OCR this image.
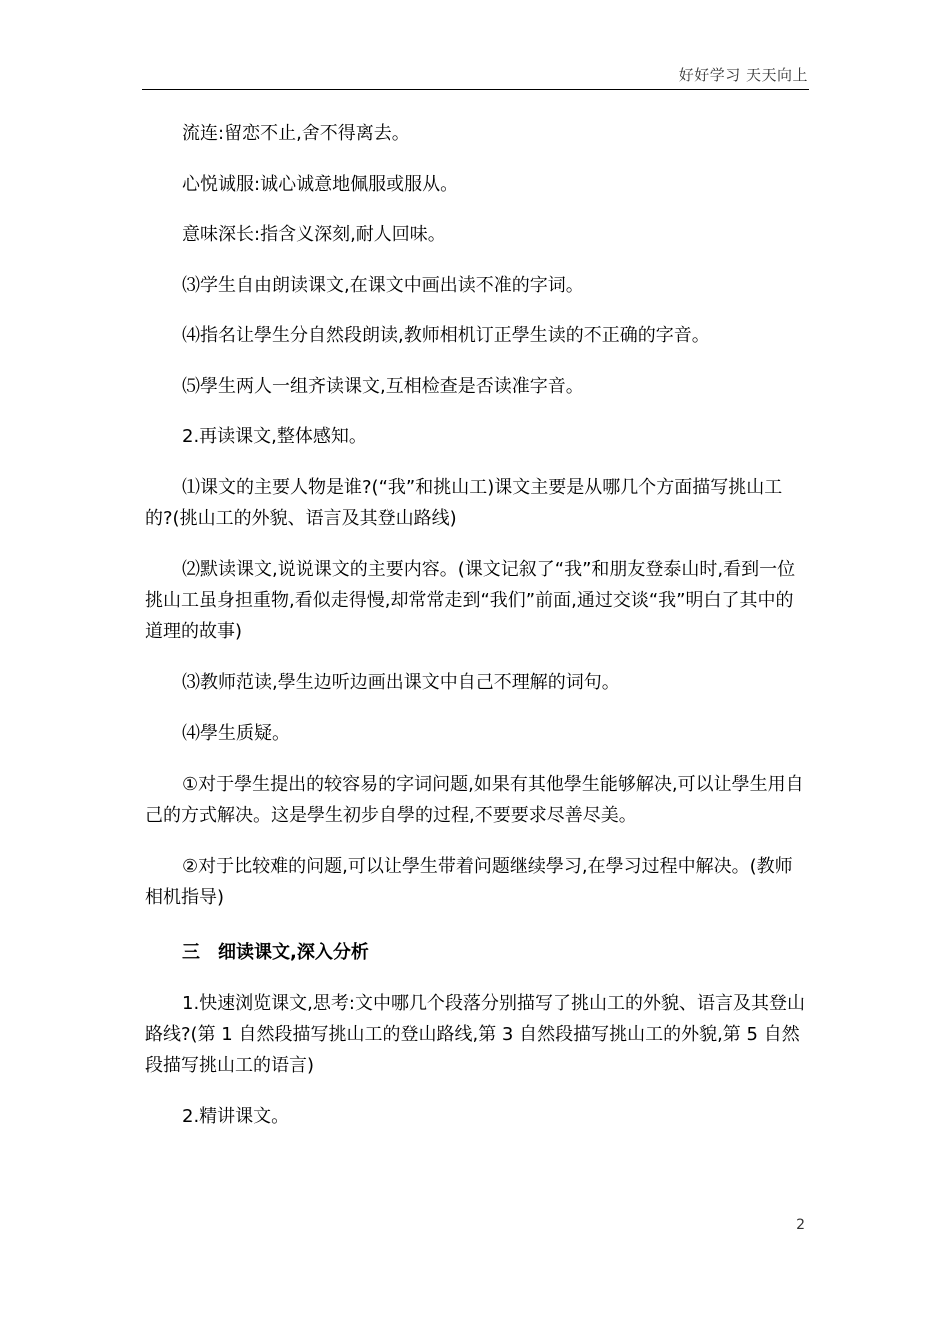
好好学习 天天向上

流连:留恋不止,舍不得离去。

心悦诚服:诚心诚意地佩服或服从。

意味深长:指含义深刻,耐人回味。

⑶学生自由朗读课文,在课文中画出读不准的字词。

⑷指名让學生分自然段朗读,教师相机订正學生读的不正确的字音。

⑸學生两人一组齐读课文,互相检查是否读准字音。

2.再读课文,整体感知。

⑴课文的主要人物是谁?(“我”和挑山工)课文主要是从哪几个方面描写挑山工的?(挑山工的外貌、语言及其登山路线)

⑵默读课文,说说课文的主要内容。(课文记叙了“我”和朋友登泰山时,看到一位挑山工虽身担重物,看似走得慢,却常常走到“我们”前面,通过交谈“我”明白了其中的道理的故事)

⑶教师范读,學生边听边画出课文中自己不理解的词句。

⑷學生质疑。

①对于學生提出的较容易的字词问题,如果有其他學生能够解决,可以让學生用自己的方式解决。这是學生初步自學的过程,不要要求尽善尽美。

②对于比较难的问题,可以让學生带着问题继续學习,在學习过程中解决。(教师相机指导)

三　细读课文,深入分析

1.快速浏览课文,思考:文中哪几个段落分别描写了挑山工的外貌、语言及其登山路线?(第 1 自然段描写挑山工的登山路线,第 3 自然段描写挑山工的外貌,第 5 自然段描写挑山工的语言)

2.精讲课文。

2
